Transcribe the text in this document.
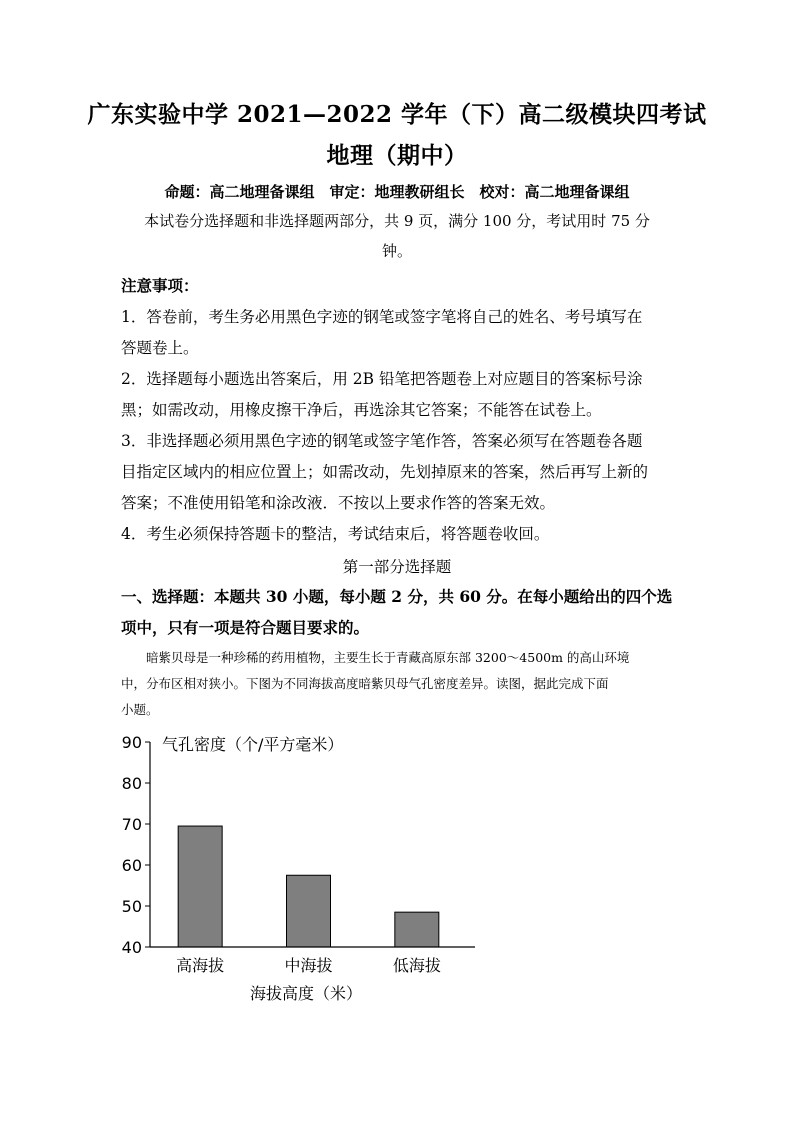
广东实验中学 2021—2022 学年（下）高二级模块四考试
地理（期中）
命题：高二地理备课组　审定：地理教研组长　校对：高二地理备课组
本试卷分选择题和非选择题两部分，共 9 页，满分 100 分，考试用时 75 分
钟。
注意事项：
1．答卷前，考生务必用黑色字迹的钢笔或签字笔将自己的姓名、考号填写在
答题卷上。
2．选择题每小题选出答案后，用 2B 铅笔把答题卷上对应题目的答案标号涂
黑；如需改动，用橡皮擦干净后，再选涂其它答案；不能答在试卷上。
3．非选择题必须用黑色字迹的钢笔或签字笔作答，答案必须写在答题卷各题
目指定区域内的相应位置上；如需改动，先划掉原来的答案，然后再写上新的
答案；不准使用铅笔和涂改液．不按以上要求作答的答案无效。
4．考生必须保持答题卡的整洁，考试结束后，将答题卷收回。
第一部分选择题
一、选择题：本题共 30 小题，每小题 2 分，共 60 分。在每小题给出的四个选
项中，只有一项是符合题目要求的。
暗紫贝母是一种珍稀的药用植物，主要生长于青藏高原东部 3200～4500m 的高山环境
中，分布区相对狭小。下图为不同海拔高度暗紫贝母气孔密度差异。读图，据此完成下面
小题。
40
50
60
70
80
90
高海拔	中海拔	低海拔
气孔密度（个/平方毫米）
海拔高度（米）
